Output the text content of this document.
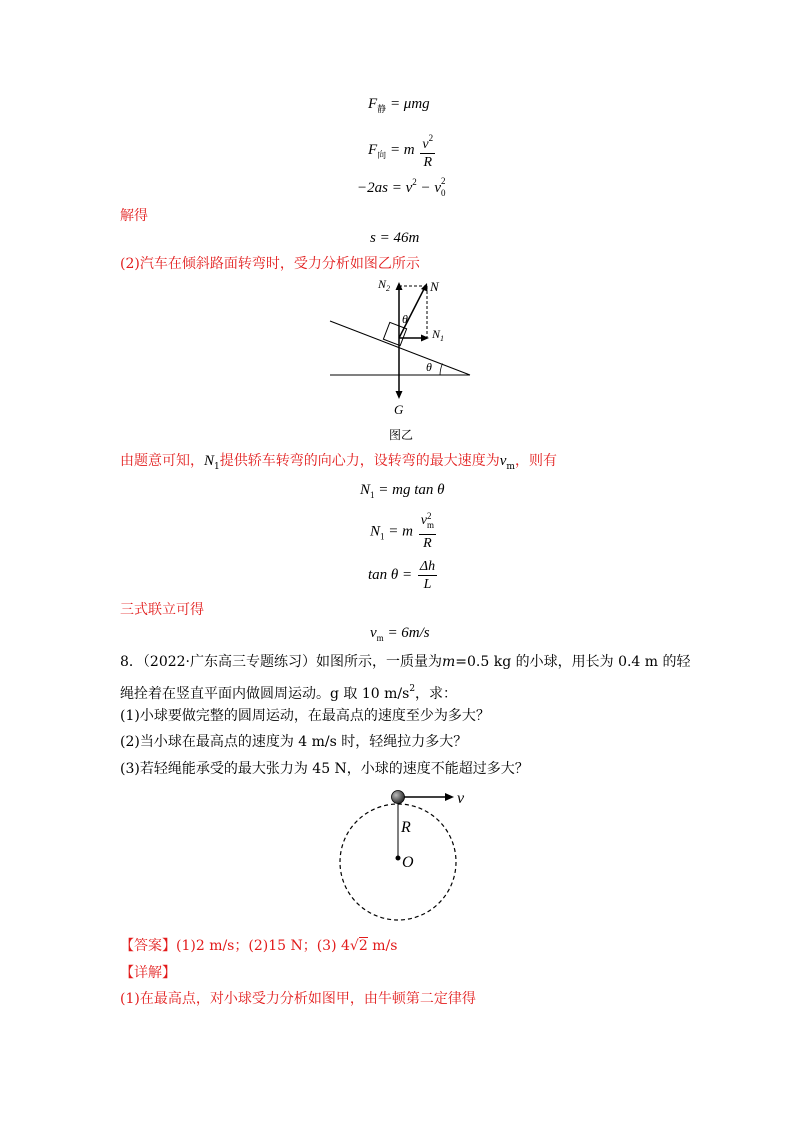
$F_静 = \mu mg$
$F_向 = m \frac{v^2}{R}$
$-2as = v^2 - v$ 2
$_0$
解得
s = 46m
(2)汽车在倾斜路面转弯时，受力分析如图乙所示
$N_2$	N
θ
$N_1$
θ
G
图乙
由题意可知，$N_1$提供轿车转弯的向心力，设转弯的最大速度为$v_m$，则有
$N_1$ = mg tan θ
$N_1 = m$ v 2
$_m$
R
$\tan \theta = \frac{\Delta h}{L}$
三式联立可得
$v_m = 6m/s$
8．（2022·广东高三专题练习）如图所示，一质量为m=0.5 kg 的小球，用长为 0.4 m 的轻
绳拴着在竖直平面内做圆周运动。g 取 10 $m/s^2$，求：
(1)小球要做完整的圆周运动，在最高点的速度至少为多大？
(2)当小球在最高点的速度为 4 m/s 时，轻绳拉力多大？
(3)若轻绳能承受的最大张力为 45 N，小球的速度不能超过多大？
v
R
O
【答案】(1)2 m/s；(2)15 N；(3) 4√2 m/s
【详解】
(1)在最高点，对小球受力分析如图甲，由牛顿第二定律得
